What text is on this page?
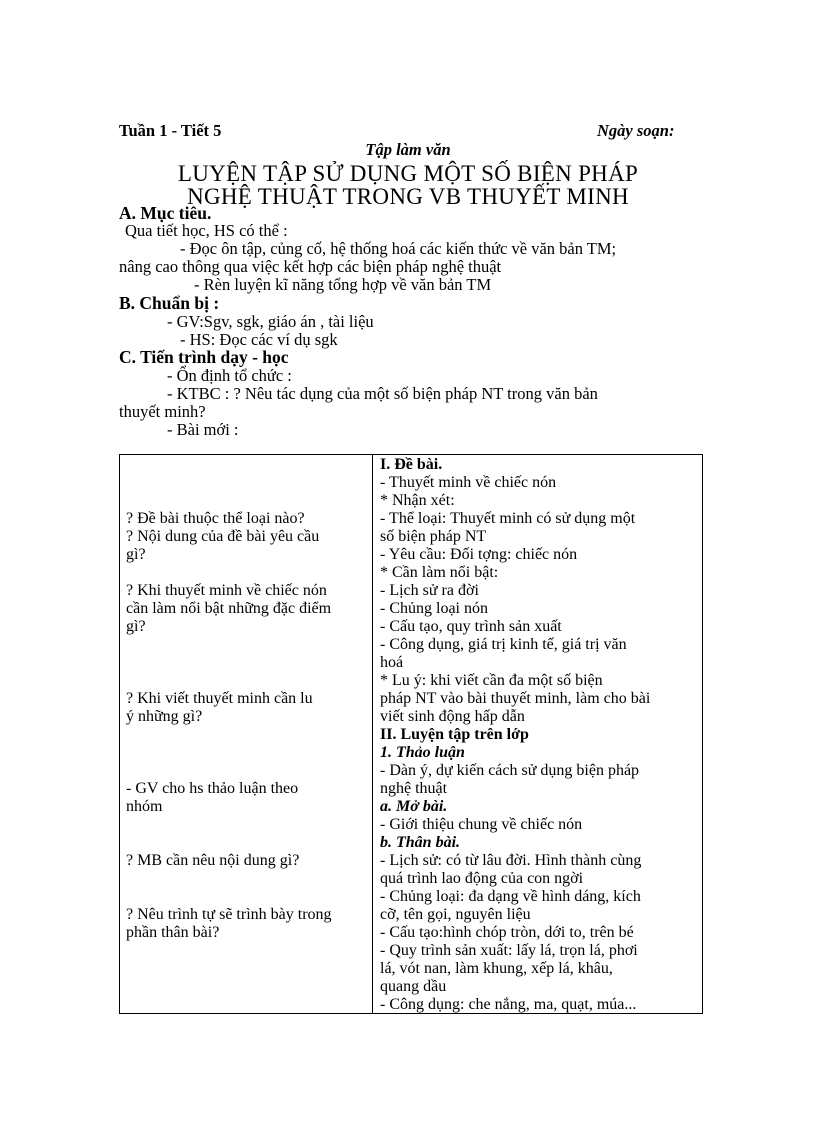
Tuần 1 - Tiết 5	Ngày soạn:
Tập làm văn
LUYỆN TẬP SỬ DỤNG MỘT SỐ BIỆN PHÁP
NGHỆ THUẬT TRONG VB THUYẾT MINH
A. Mục tiêu.
Qua tiết học, HS có thể :
- Đọc ôn tập, củng cố, hệ thống hoá các kiến thức về văn bản TM;
nâng cao thông qua việc kết hợp các biện pháp nghệ thuật
- Rèn luyện kĩ năng tổng hợp về văn bản TM
B. Chuẩn bị :
- GV:Sgv, sgk, giáo án , tài liệu
- HS: Đọc các ví dụ sgk
C. Tiến trình dạy - học
- Ổn định tổ chức :
- KTBC : ? Nêu tác dụng của một số biện pháp NT trong văn bản
thuyết minh?
- Bài mới :
? Đề bài thuộc thể loại nào?
? Nội dung của đề bài yêu cầu
gì?
? Khi thuyết minh về chiếc nón
cần làm nổi bật những đặc điểm
gì?
? Khi viết thuyết minh cần lu
ý những gì?
- GV cho hs thảo luận theo
nhóm
? MB cần nêu nội dung gì?
? Nêu trình tự sẽ trình bày trong
phần thân bài?
I. Đề bài.
- Thuyết minh về chiếc nón
* Nhận xét:
- Thể loại: Thuyết minh có sử dụng một
số biện pháp NT
- Yêu cầu: Đối tợng: chiếc nón
* Cần làm nổi bật:
- Lịch sử ra đời
- Chủng loại nón
- Cấu tạo, quy trình sản xuất
- Công dụng, giá trị kinh tế, giá trị văn
hoá
* Lu ý: khi viết cần đa một số biện
pháp NT vào bài thuyết minh, làm cho bài
viết sinh động hấp dẫn
II. Luyện tập trên lớp
1. Thảo luận
- Dàn ý, dự kiến cách sử dụng biện pháp
nghệ thuật
a. Mở bài.
- Giới thiệu chung về chiếc nón
b. Thân bài.
- Lịch sử: có từ lâu đời. Hình thành cùng
quá trình lao động của con ngời
- Chủng loại: đa dạng về hình dáng, kích
cỡ, tên gọi, nguyên liệu
- Cấu tạo:hình chóp tròn, dới to, trên bé
- Quy trình sản xuất: lấy lá, trọn lá, phơi
lá, vót nan, làm khung, xếp lá, khâu,
quang dầu
- Công dụng: che nắng, ma, quạt, múa...
